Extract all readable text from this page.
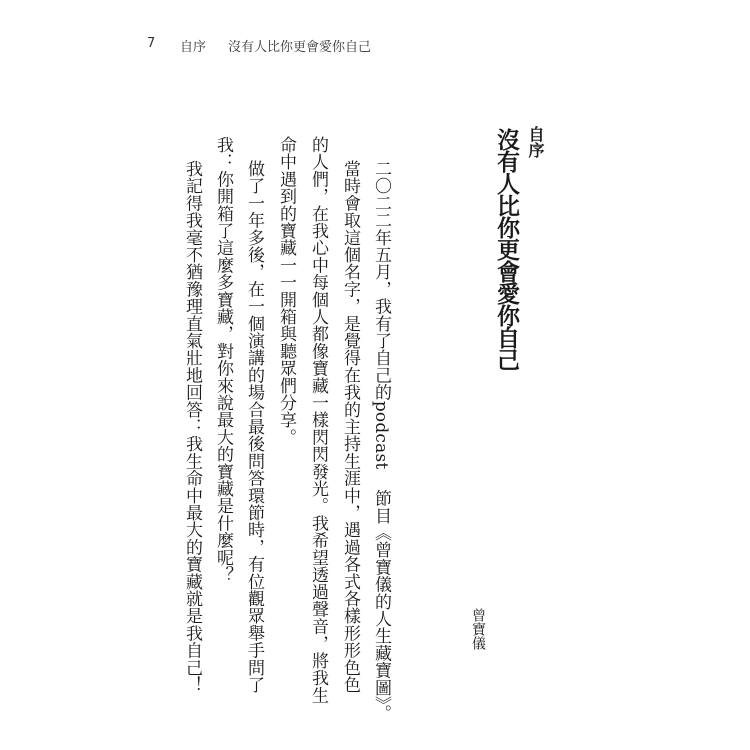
7 自序 沒有人比你更會愛你自己
自序
沒有人比你更會愛你自己
曾寶儀
二〇二二年五月，我有了自己的podcast 節目《曾寶儀的人生藏寶圖》。
當時會取這個名字，是覺得在我的主持生涯中，遇過各式各樣形形色色
的人們，在我心中每個人都像寶藏一樣閃閃發光。我希望透過聲音，將我生
命中遇到的寶藏一一開箱與聽眾們分享。
做了一年多後，在一個演講的場合最後問答環節時，有位觀眾舉手問了
我：你開箱了這麼多寶藏，對你來說最大的寶藏是什麼呢？
我記得我毫不猶豫理直氣壯地回答：我生命中最大的寶藏就是我自己！
